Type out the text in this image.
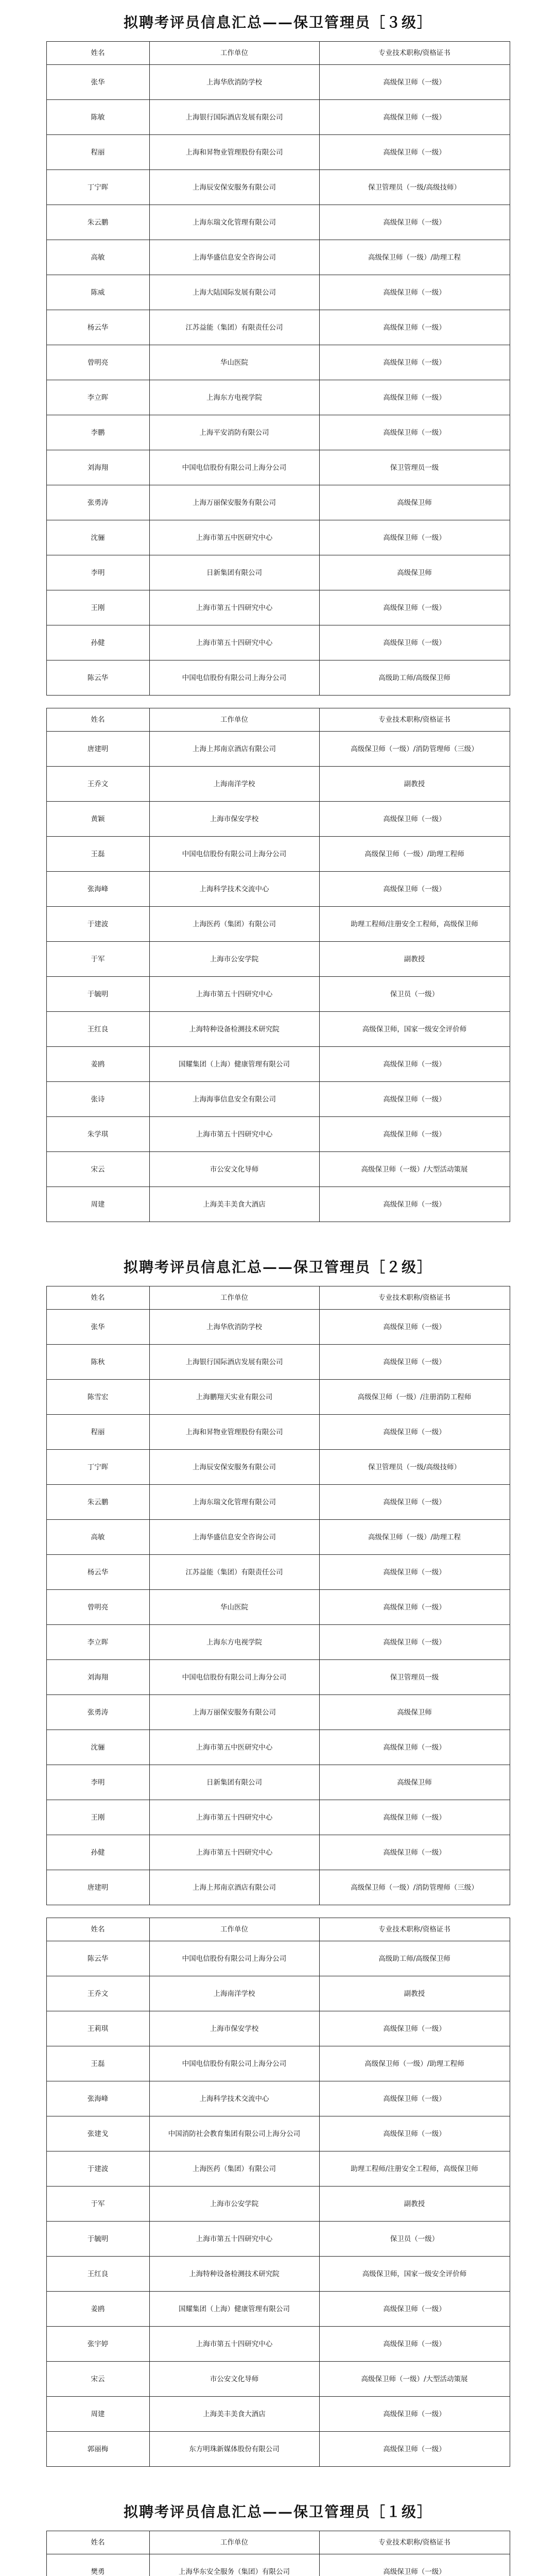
拟聘考评员信息汇总——保卫管理员［３级］
姓名	工作单位	专业技术职称/资格证书
张华	上海华欣消防学校	高级保卫师（一级）
陈敏	上海银行国际酒店发展有限公司	高级保卫师（一级）
程丽	上海和昇物业管理股份有限公司	高级保卫师（一级）
丁宁晖	上海辰安保安服务有限公司	保卫管理员（一级/高级技师）
朱云鹏	上海东瑞文化管理有限公司	高级保卫师（一级）
高敏	上海华盛信息安全咨询公司	高级保卫师（一级）/助理工程
陈威	上海大陆国际发展有限公司	高级保卫师（一级）
杨云华	江苏益能（集团）有限责任公司	高级保卫师（一级）
曾明亮	华山医院	高级保卫师（一级）
李立晖	上海东方电视学院	高级保卫师（一级）
李鹏	上海平安消防有限公司	高级保卫师（一级）
刘海翔	中国电信股份有限公司上海分公司	保卫管理员一级
张勇涛	上海万丽保安服务有限公司	高级保卫师
沈骊	上海市第五中医研究中心	高级保卫师（一级）
李明	日新集团有限公司	高级保卫师
王刚	上海市第五十四研究中心	高级保卫师（一级）
孙健	上海市第五十四研究中心	高级保卫师（一级）
陈云华	中国电信股份有限公司上海分公司	高级助工师/高级保卫师
姓名	工作单位	专业技术职称/资格证书
唐建明	上海上邦南京酒店有限公司	高级保卫师（一级）/消防管理师（三级）
王乔文	上海南洋学校	副教授
黄颖	上海市保安学校	高级保卫师（一级）
王磊	中国电信股份有限公司上海分公司	高级保卫师（一级）/助理工程师
张海峰	上海科学技术交流中心	高级保卫师（一级）
于建波	上海医药（集团）有限公司	助理工程师/注册安全工程师，高级保卫师
于军	上海市公安学院	副教授
于毓明	上海市第五十四研究中心	保卫员（一级）
王红良	上海特种设备检测技术研究院	高级保卫师，国家一级安全评价师
姜鸥	国耀集团（上海）健康管理有限公司	高级保卫师（一级）
张诗	上海海事信息安全有限公司	高级保卫师（一级）
朱学琪	上海市第五十四研究中心	高级保卫师（一级）
宋云	市公安文化导师	高级保卫师（一级）/大型活动策展
周建	上海美丰美食大酒店	高级保卫师（一级）
拟聘考评员信息汇总——保卫管理员［２级］
姓名	工作单位	专业技术职称/资格证书
张华	上海华欣消防学校	高级保卫师（一级）
陈秋	上海银行国际酒店发展有限公司	高级保卫师（一级）
陈雪宏	上海鹏翔天实业有限公司	高级保卫师（一级）/注册消防工程师
程丽	上海和昇物业管理股份有限公司	高级保卫师（一级）
丁宁晖	上海辰安保安服务有限公司	保卫管理员（一级/高级技师）
朱云鹏	上海东瑞文化管理有限公司	高级保卫师（一级）
高敏	上海华盛信息安全咨询公司	高级保卫师（一级）/助理工程
杨云华	江苏益能（集团）有限责任公司	高级保卫师（一级）
曾明亮	华山医院	高级保卫师（一级）
李立晖	上海东方电视学院	高级保卫师（一级）
刘海翔	中国电信股份有限公司上海分公司	保卫管理员一级
张勇涛	上海万丽保安服务有限公司	高级保卫师
沈骊	上海市第五中医研究中心	高级保卫师（一级）
李明	日新集团有限公司	高级保卫师
王刚	上海市第五十四研究中心	高级保卫师（一级）
孙健	上海市第五十四研究中心	高级保卫师（一级）
唐建明	上海上邦南京酒店有限公司	高级保卫师（一级）/消防管理师（三级）
姓名	工作单位	专业技术职称/资格证书
陈云华	中国电信股份有限公司上海分公司	高级助工师/高级保卫师
王乔文	上海南洋学校	副教授
王莉琪	上海市保安学校	高级保卫师（一级）
王磊	中国电信股份有限公司上海分公司	高级保卫师（一级）/助理工程师
张海峰	上海科学技术交流中心	高级保卫师（一级）
张建戈	中国消防社会教育集团有限公司上海分公司	高级保卫师（一级）
于建波	上海医药（集团）有限公司	助理工程师/注册安全工程师，高级保卫师
于军	上海市公安学院	副教授
于毓明	上海市第五十四研究中心	保卫员（一级）
王红良	上海特种设备检测技术研究院	高级保卫师，国家一级安全评价师
姜鸥	国耀集团（上海）健康管理有限公司	高级保卫师（一级）
张宇婷	上海市第五十四研究中心	高级保卫师（一级）
宋云	市公安文化导师	高级保卫师（一级）/大型活动策展
周建	上海美丰美食大酒店	高级保卫师（一级）
郭丽梅	东方明珠新媒体股份有限公司	高级保卫师（一级）
拟聘考评员信息汇总——保卫管理员［１级］
姓名	工作单位	专业技术职称/资格证书
樊勇	上海华东安全服务（集团）有限公司	高级保卫师（一级）
